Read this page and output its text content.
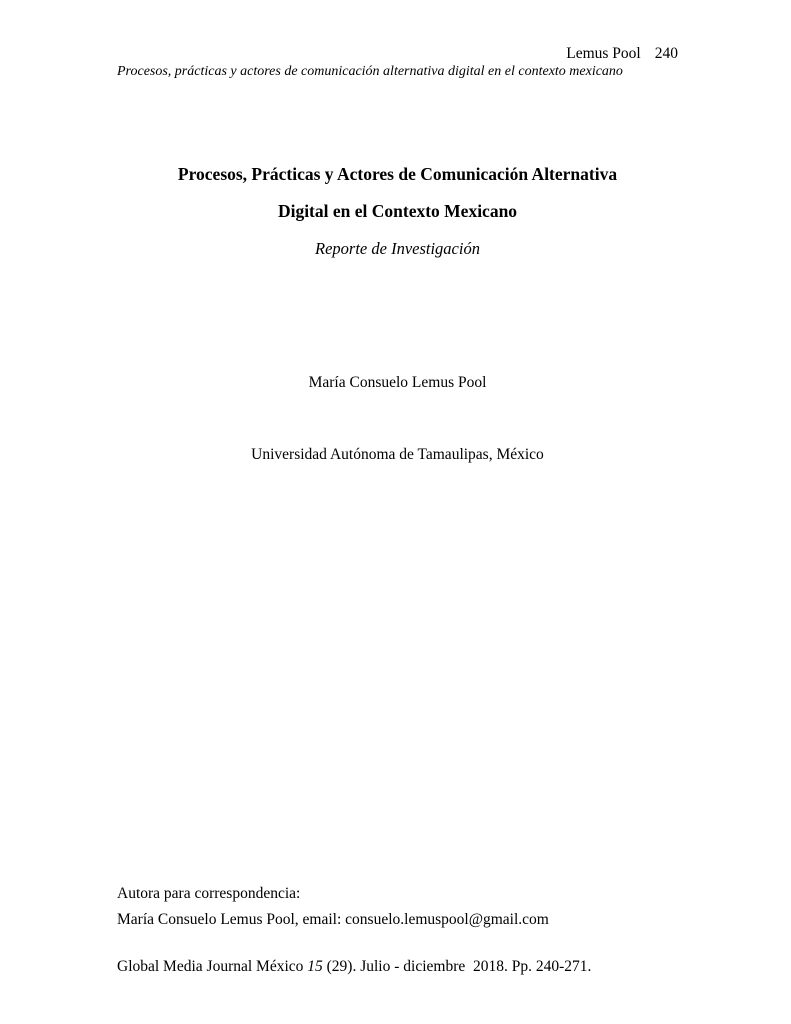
Lemus Pool 240
Procesos, prácticas y actores de comunicación alternativa digital en el contexto mexicano
Procesos, Prácticas y Actores de Comunicación Alternativa
Digital en el Contexto Mexicano
Reporte de Investigación
María Consuelo Lemus Pool
Universidad Autónoma de Tamaulipas, México
Autora para correspondencia:
María Consuelo Lemus Pool, email: consuelo.lemuspool@gmail.com
Global Media Journal México 15 (29). Julio - diciembre  2018. Pp. 240-271.
